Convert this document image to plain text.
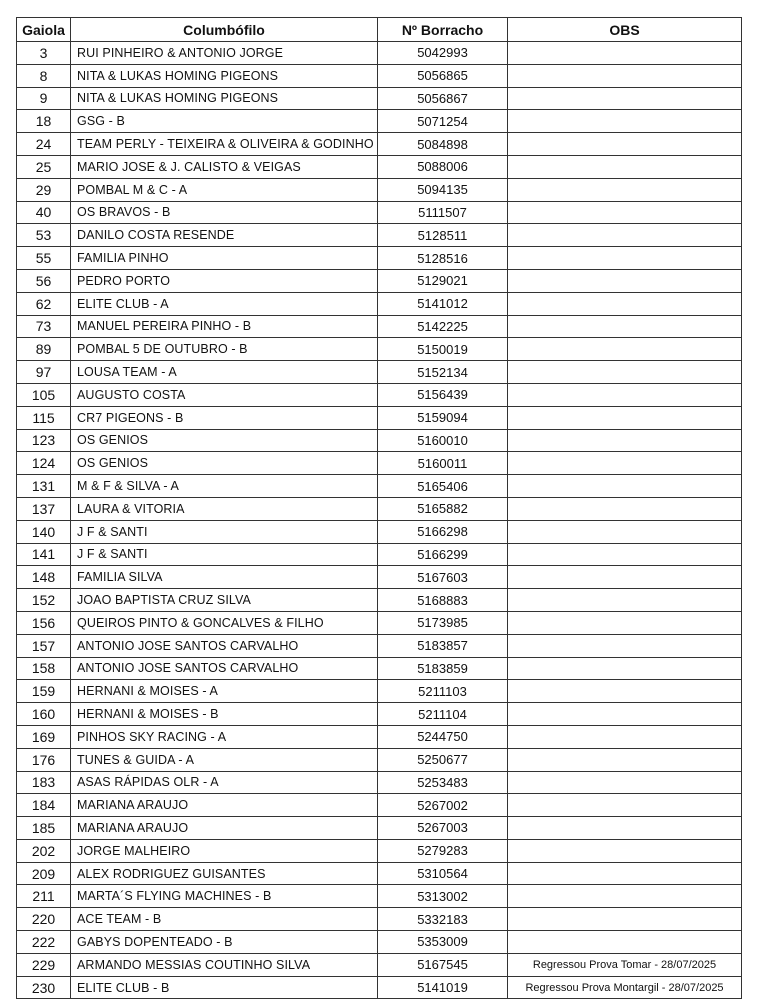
Gaiola	Columbófilo	Nº Borracho	OBS
3	RUI PINHEIRO & ANTONIO JORGE	5042993	
8	NITA & LUKAS HOMING PIGEONS	5056865	
9	NITA & LUKAS HOMING PIGEONS	5056867	
18	GSG - B	5071254	
24	TEAM PERLY - TEIXEIRA & OLIVEIRA & GODINHO	5084898	
25	MARIO JOSE & J. CALISTO & VEIGAS	5088006	
29	POMBAL M & C - A	5094135	
40	OS BRAVOS - B	5111507	
53	DANILO COSTA RESENDE	5128511	
55	FAMILIA PINHO	5128516	
56	PEDRO PORTO	5129021	
62	ELITE CLUB - A	5141012	
73	MANUEL PEREIRA PINHO - B	5142225	
89	POMBAL 5 DE OUTUBRO - B	5150019	
97	LOUSA TEAM - A	5152134	
105	AUGUSTO COSTA	5156439	
115	CR7 PIGEONS - B	5159094	
123	OS GENIOS	5160010	
124	OS GENIOS	5160011	
131	M & F & SILVA - A	5165406	
137	LAURA & VITORIA	5165882	
140	J F & SANTI	5166298	
141	J F & SANTI	5166299	
148	FAMILIA SILVA	5167603	
152	JOAO BAPTISTA CRUZ SILVA	5168883	
156	QUEIROS PINTO & GONCALVES & FILHO	5173985	
157	ANTONIO JOSE SANTOS CARVALHO	5183857	
158	ANTONIO JOSE SANTOS CARVALHO	5183859	
159	HERNANI & MOISES - A	5211103	
160	HERNANI & MOISES - B	5211104	
169	PINHOS SKY RACING - A	5244750	
176	TUNES & GUIDA - A	5250677	
183	ASAS RÁPIDAS OLR - A	5253483	
184	MARIANA ARAUJO	5267002	
185	MARIANA ARAUJO	5267003	
202	JORGE MALHEIRO	5279283	
209	ALEX RODRIGUEZ GUISANTES	5310564	
211	MARTA´S FLYING MACHINES - B	5313002	
220	ACE TEAM - B	5332183	
222	GABYS DOPENTEADO - B	5353009	
229	ARMANDO MESSIAS COUTINHO SILVA	5167545	Regressou Prova Tomar - 28/07/2025
230	ELITE CLUB - B	5141019	Regressou Prova Montargil - 28/07/2025
